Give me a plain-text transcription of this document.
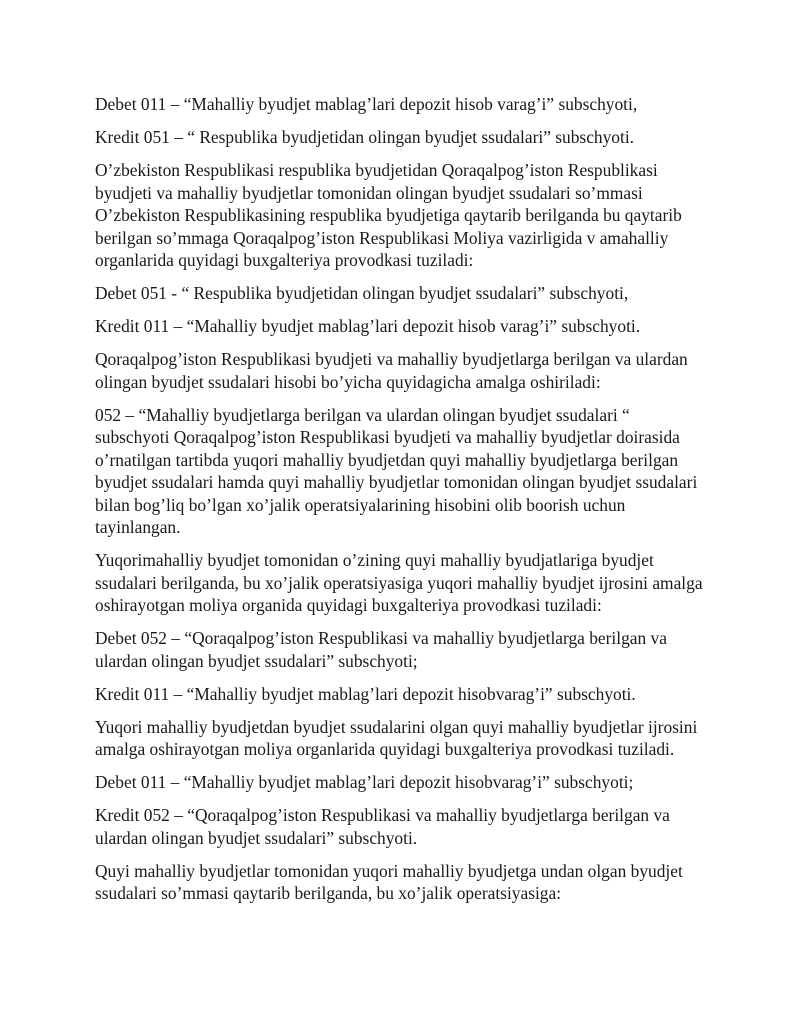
Debet 011 – “Mahalliy byudjet mablag’lari depozit hisob varag’i” subschyoti,

Kredit 051 – “ Respublika byudjetidan olingan byudjet ssudalari” subschyoti.

O’zbekiston Respublikasi respublika byudjetidan Qoraqalpog’iston Respublikasi byudjeti va mahalliy byudjetlar tomonidan olingan byudjet ssudalari so’mmasi O’zbekiston Respublikasining respublika byudjetiga qaytarib berilganda bu qaytarib berilgan so’mmaga Qoraqalpog’iston Respublikasi Moliya vazirligida v amahalliy organlarida quyidagi buxgalteriya provodkasi tuziladi:

Debet 051 - “ Respublika byudjetidan olingan byudjet ssudalari” subschyoti,

Kredit 011 – “Mahalliy byudjet mablag’lari depozit hisob varag’i” subschyoti.

Qoraqalpog’iston Respublikasi byudjeti va mahalliy byudjetlarga berilgan va ulardan olingan byudjet ssudalari hisobi bo’yicha quyidagicha amalga oshiriladi:

052 – “Mahalliy byudjetlarga berilgan va ulardan olingan byudjet ssudalari “ subschyoti Qoraqalpog’iston Respublikasi byudjeti va mahalliy byudjetlar doirasida o’rnatilgan tartibda yuqori mahalliy byudjetdan quyi mahalliy byudjetlarga berilgan byudjet ssudalari hamda quyi mahalliy byudjetlar tomonidan olingan byudjet ssudalari bilan bog’liq bo’lgan xo’jalik operatsiyalarining hisobini olib boorish uchun tayinlangan.

Yuqorimahalliy byudjet tomonidan o’zining quyi mahalliy byudjatlariga byudjet ssudalari berilganda, bu xo’jalik operatsiyasiga yuqori mahalliy byudjet ijrosini amalga oshirayotgan moliya organida quyidagi buxgalteriya provodkasi tuziladi:

Debet 052 – “Qoraqalpog’iston Respublikasi va mahalliy byudjetlarga berilgan va ulardan olingan byudjet ssudalari” subschyoti;

Kredit 011 – “Mahalliy byudjet mablag’lari depozit hisobvarag’i” subschyoti.

Yuqori mahalliy byudjetdan byudjet ssudalarini olgan quyi mahalliy byudjetlar ijrosini amalga oshirayotgan moliya organlarida quyidagi buxgalteriya provodkasi tuziladi.

Debet 011 – “Mahalliy byudjet mablag’lari depozit hisobvarag’i” subschyoti;

Kredit 052 – “Qoraqalpog’iston Respublikasi va mahalliy byudjetlarga berilgan va ulardan olingan byudjet ssudalari” subschyoti.

Quyi mahalliy byudjetlar tomonidan yuqori mahalliy byudjetga undan olgan byudjet ssudalari so’mmasi qaytarib berilganda, bu xo’jalik operatsiyasiga:
